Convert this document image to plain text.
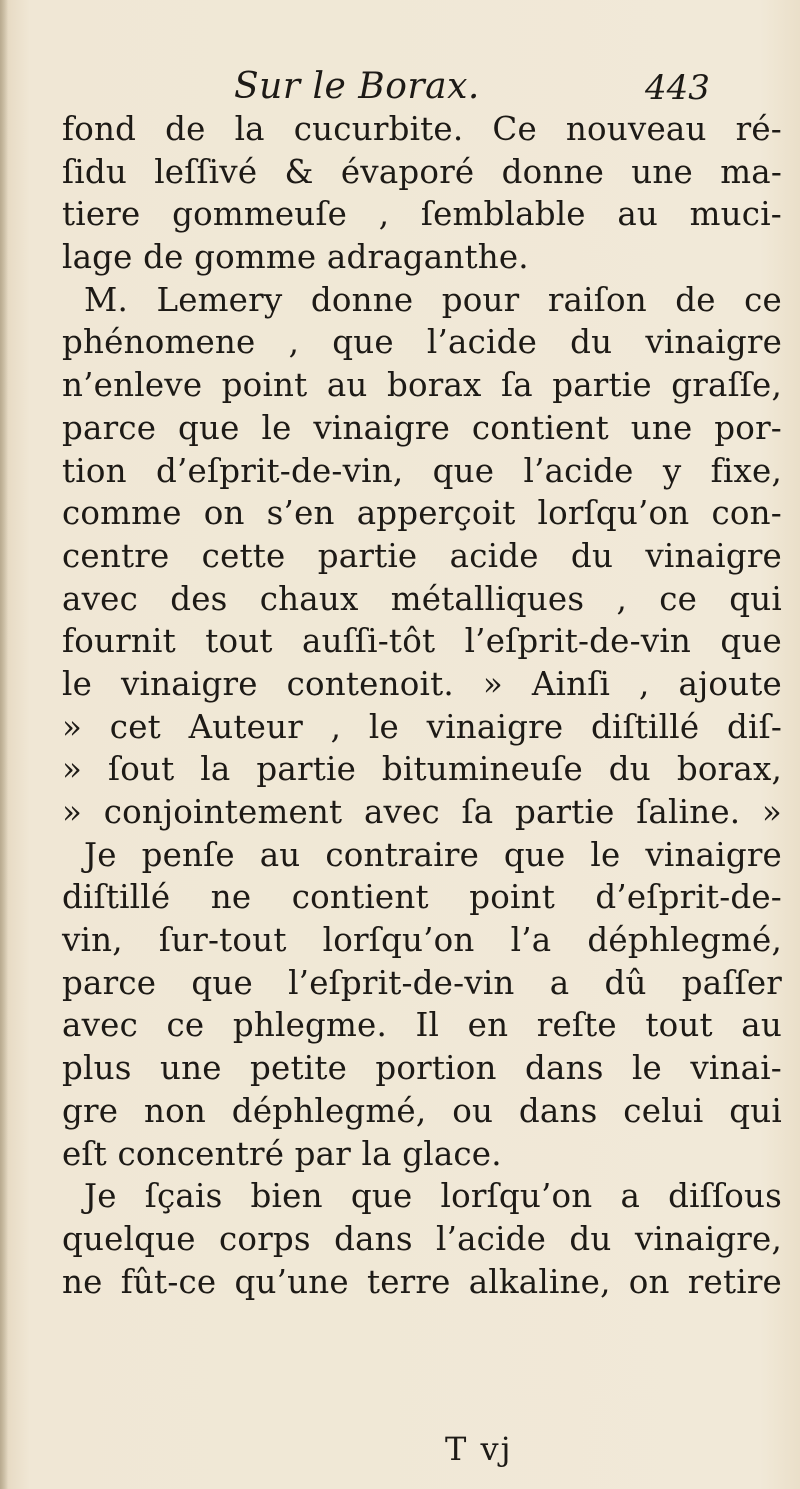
Sur le Borax.	443
fond de la cucurbite. Ce nouveau ré-
ſidu leſſivé & évaporé donne une ma-
tiere gommeuſe , ſemblable au muci-
lage de gomme adraganthe.
M. Lemery donne pour raiſon de ce
phénomene , que l’acide du vinaigre
n’enleve point au borax ſa partie graſſe,
parce que le vinaigre contient une por-
tion d’eſprit-de-vin, que l’acide y fixe,
comme on s’en apperçoit lorſqu’on con-
centre cette partie acide du vinaigre
avec des chaux métalliques , ce qui
fournit tout auſſi-tôt l’eſprit-de-vin que
le vinaigre contenoit. » Ainſi , ajoute
» cet Auteur , le vinaigre diſtillé diſ-
» ſout la partie bitumineuſe du borax,
» conjointement avec ſa partie ſaline. »
Je penſe au contraire que le vinaigre
diſtillé ne contient point d’eſprit-de-
vin, ſur-tout lorſqu’on l’a déphlegmé,
parce que l’eſprit-de-vin a dû paſſer
avec ce phlegme. Il en reſte tout au
plus une petite portion dans le vinai-
gre non déphlegmé, ou dans celui qui
eſt concentré par la glace.
Je ſçais bien que lorſqu’on a diſſous
quelque corps dans l’acide du vinaigre,
ne fût-ce qu’une terre alkaline, on retire
T vj
